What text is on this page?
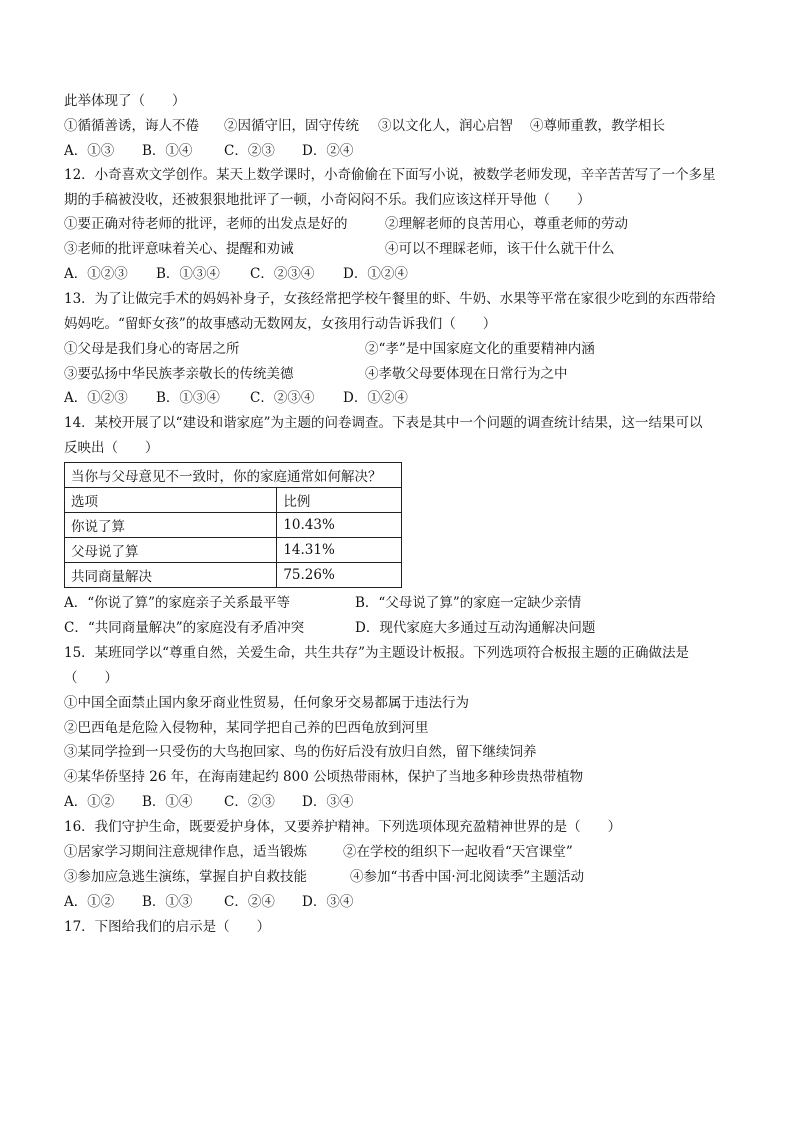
此举体现了（　　）
①循循善诱，诲人不倦 ②因循守旧，固守传统 ③以文化人，润心启智 ④尊师重教，教学相长
A．①③ B．①④ C．②③ D．②④
12．小奇喜欢文学创作。某天上数学课时，小奇偷偷在下面写小说，被数学老师发现，辛辛苦苦写了一个多星
期的手稿被没收，还被狠狠地批评了一顿，小奇闷闷不乐。我们应该这样开导他（　　）
①要正确对待老师的批评，老师的出发点是好的	②理解老师的良苦用心，尊重老师的劳动
③老师的批评意味着关心、提醒和劝诫	④可以不理睬老师，该干什么就干什么
A．①②③ B．①③④ C．②③④ D．①②④
13．为了让做完手术的妈妈补身子，女孩经常把学校午餐里的虾、牛奶、水果等平常在家很少吃到的东西带给
妈妈吃。“留虾女孩”的故事感动无数网友，女孩用行动告诉我们（　　）
①父母是我们身心的寄居之所	②“孝”是中国家庭文化的重要精神内涵
③要弘扬中华民族孝亲敬长的传统美德	④孝敬父母要体现在日常行为之中
A．①②③ B．①③④ C．②③④ D．①②④
14．某校开展了以“建设和谐家庭”为主题的问卷调查。下表是其中一个问题的调查统计结果，这一结果可以
反映出（　　）
当你与父母意见不一致时，你的家庭通常如何解决？	
选项	比例
你说了算	10.43%
父母说了算	14.31%
共同商量解决	75.26%
A．“你说了算”的家庭亲子关系最平等	B．“父母说了算”的家庭一定缺少亲情
C．“共同商量解决”的家庭没有矛盾冲突	D．现代家庭大多通过互动沟通解决问题
15．某班同学以“尊重自然，关爱生命，共生共存”为主题设计板报。下列选项符合板报主题的正确做法是
（　　）
①中国全面禁止国内象牙商业性贸易，任何象牙交易都属于违法行为
②巴西龟是危险入侵物种，某同学把自己养的巴西龟放到河里
③某同学捡到一只受伤的大鸟抱回家、鸟的伤好后没有放归自然，留下继续饲养
④某华侨坚持 26 年，在海南建起约 800 公顷热带雨林，保护了当地多种珍贵热带植物
A．①② B．①④ C．②③ D．③④
16．我们守护生命，既要爱护身体，又要养护精神。下列选项体现充盈精神世界的是（　　）
①居家学习期间注意规律作息，适当锻炼	②在学校的组织下一起收看“天宫课堂”
③参加应急逃生演练，掌握自护自救技能	④参加“书香中国·河北阅读季”主题活动
A．①② B．①③ C．②④ D．③④
17．下图给我们的启示是（　　）
